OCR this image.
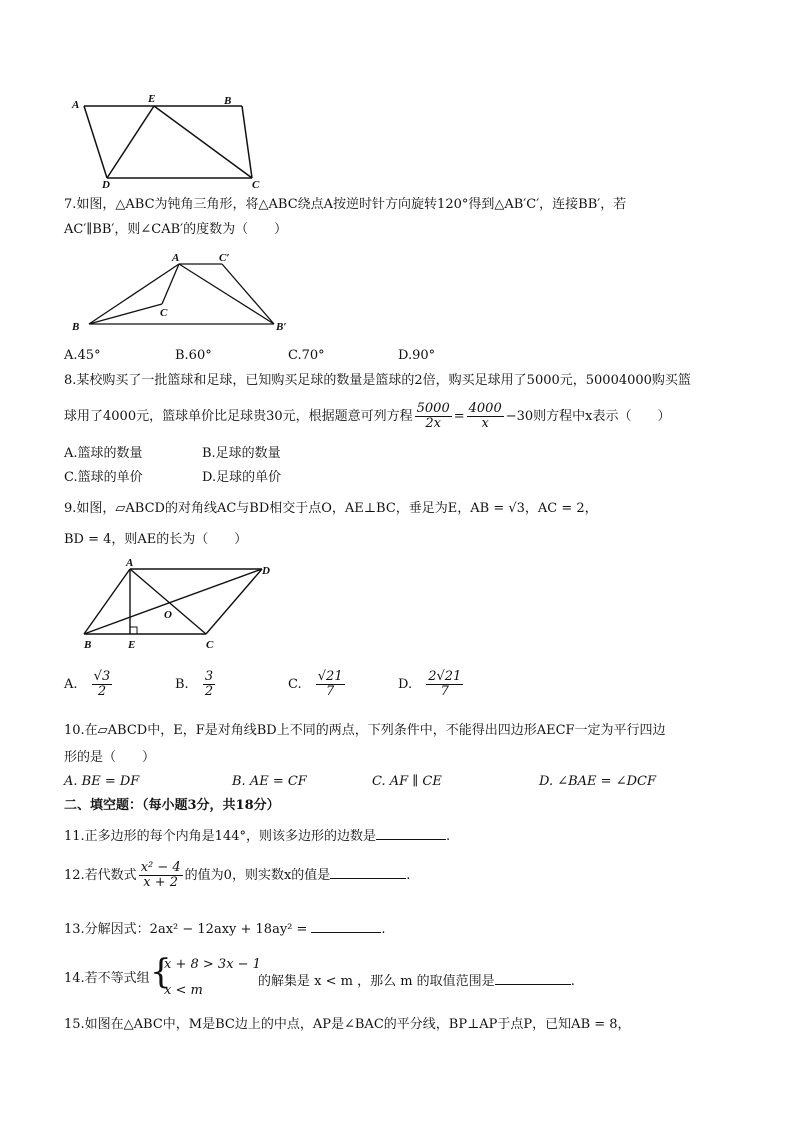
A	E	B
D	C
7.如图，△ABC为钝角三角形，将△ABC绕点A按逆时针方向旋转120°得到△AB′C′，连接BB′，若
AC′∥BB′，则∠CAB′的度数为（　　）
A	C′
C
B	B′
A.45°	B.60°	C.70°	D.90°
8.某校购买了一批篮球和足球，已知购买足球的数量是篮球的2倍，购买足球用了5000元，50004000购买篮
球用了4000元，篮球单价比足球贵30元，根据题意可列方程 $\frac{5000}{2x} = \frac{4000}{x} -30$则方程中x表示（　　）
A.篮球的数量	B.足球的数量
C.篮球的单价	D.足球的单价
9.如图，▱ABCD的对角线AC与BD相交于点O，AE⊥BC，垂足为E，AB = √3，AC = 2，
BD = 4，则AE的长为（　　）
A
D
O
B	E	C
A. $\frac{√3}{2}$	B. $\frac{3}{2}$	C. $\frac{√21}{7}$	D. $\frac{2√21}{7}$
10.在▱ABCD中，E，F是对角线BD上不同的两点，下列条件中，不能得出四边形AECF一定为平行四边
形的是（　　）
A. BE = DF	B. AE = CF	C. AF ∥ CE	D. ∠BAE = ∠DCF
二、填空题：（每小题3分，共18分）
11.正多边形的每个内角是144°，则该多边形的边数是	.
12.若代数式 $\frac{\text{x² − 4}}{x + 2}$ 的值为0，则实数x的值是	.
13.分解因式：2ax² − 12axy + 18ay² =	.
14.若不等式组 {
x + 8 > 3x − 1
x < m
的解集是 x < m ，那么 m 的取值范围是	.
15.如图在△ABC中，M是BC边上的中点，AP是∠BAC的平分线，BP⊥AP于点P，已知AB = 8，
